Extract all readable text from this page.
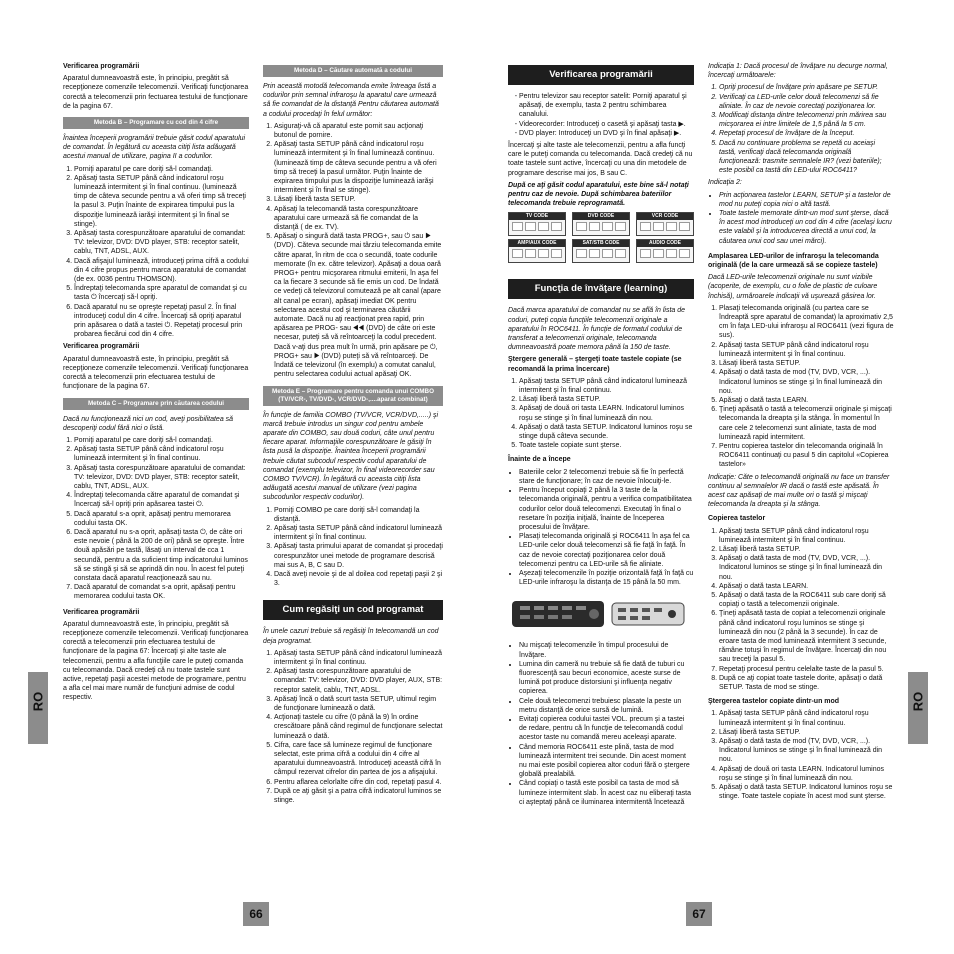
Verificarea programării

Aparatul dumneavoastră este, în principiu, pregătit să recepţioneze comenzile telecomenzii. Verificaţi funcţionarea corectă a telecomenzii prin fectuarea testului de funcţionare de la pagina 67.

Metoda B – Programare cu cod din 4 cifre

Înaintea începerii programării trebuie găsit codul aparatului de comandat. În legătură cu aceasta citiţi lista adăugată acestui manual de utilizare, pagina II a codurilor.

1. Porniţi aparatul pe care doriţi să-l comandaţi.
2. Apăsaţi tasta SETUP până când indicatorul roşu luminează intermitent şi în final continuu. (luminează timp de câteva secunde pentru a vă oferi timp să treceţi la pasul 3. Puţin înainte de expirarea timpului pus la dispoziţie luminează iarăşi intermitent şi în final se stinge).
3. Apăsaţi tasta corespunzătoare aparatului de comandat: TV: televizor, DVD: DVD player, STB: receptor satelit, cablu, TNT, ADSL, AUX.
4. Dacă afişajul luminează, introduceţi prima cifră a codului din 4 cifre propus pentru marca aparatului de comandat (de ex. 0036 pentru THOMSON).
5. Îndreptaţi telecomanda spre aparatul de comandat şi cu tasta ⏻ încercaţi să-l opriţi.
6. Dacă aparatul nu se opreşte repetaţi pasul 2. În final introduceţi codul din 4 cifre. Încercaţi să opriţi aparatul prin apăsarea o dată a tastei ⏻. Repetaţi procesul prin probarea fiecărui cod din 4 cifre.

Verificarea programării

Aparatul dumneavoastră este, în principiu, pregătit să recepţioneze comenzile telecomenzii. Verificaţi funcţionarea corectă a telecomenzii prin efectuarea testului de funcţionare de la pagina 67.

Metoda C – Programare prin căutarea codului

Dacă nu funcţionează nici un cod, aveţi posibilitatea să descoperiţi codul fără nici o listă.

1. Porniţi aparatul pe care doriţi să-l comandaţi.
2. Apăsaţi tasta SETUP până când indicatorul roşu luminează intermitent şi în final continuu.
3. Apăsaţi tasta corespunzătoare aparatului de comandat: TV: televizor, DVD: DVD player, STB: receptor satelit, cablu, TNT, ADSL, AUX.
4. Îndreptaţi telecomanda către aparatul de comandat şi încercaţi să-l opriţi prin apăsarea tastei ⏻.
5. Dacă aparatul s-a oprit, apăsaţi pentru memorarea codului tasta OK.
6. Dacă aparatul nu s-a oprit, apăsaţi tasta ⏻, de câte ori este nevoie ( până la 200 de ori) până se opreşte. Între două apăsări pe tastă, lăsaţi un interval de cca 1 secundă, pentru a da suficient timp indicatorului luminos să se stingă şi să se aprindă din nou. În acest fel puteţi constata dacă aparatul reacţionează sau nu.
7. Dacă aparatul de comandat s-a oprit, apăsaţi pentru memorarea codului tasta OK.

Verificarea programării

Aparatul dumneavoastră este, în principiu, pregătit să recepţioneze comenzile telecomenzii. Verificaţi funcţionarea corectă a telecomenzii prin efectuarea testului de funcţionare de la pagina 67: Încercaţi şi alte taste ale telecomenzii, pentru a afla funcţiile care le puteţi comanda cu telecomanda. Dacă credeţi că nu toate tastele sunt active, repetaţi paşii acestei metode de programare, pentru a afla cel mai mare număr de funcţiuni admise de codul respectiv.

Metoda D – Căutare automată a codului

Prin această motodă telecomanda emite întreaga listă a codurilor prin semnal infraroşu la aparatul care urmează să fie comandat de la distanţă Pentru căutarea automată a codului procedaţi în felul următor:

1. Asiguraţi-vă că aparatul este pornit sau acţionaţi butonul de pornire.
2. Apăsaţi tasta SETUP până când indicatorul roşu luminează intermitent şi în final luminează continuu. (luminează timp de câteva secunde pentru a vă oferi timp să treceţi la pasul următor. Puţin înainte de expirarea timpului pus la dispoziţie luminează iarăşi intermitent şi în final se stinge).
3. Lăsaţi liberă tasta SETUP.
4. Apăsaţi la telecomandă tasta corespunzătoare aparatului care urmează să fie comandat de la distanţă ( de ex. TV).
5. Apăsaţi o singură dată tasta PROG+, sau ⏻ sau ▶ (DVD). Căteva secunde mai târziu telecomanda emite către aparat, în ritm de cca o secundă, toate codurile memorate (în ex. către televizor). Apăsaţi a doua oară PROG+ pentru micşorarea ritmului emiterii, în aşa fel ca la fiecare 3 secunde să fie emis un cod. De îndată ce vedeţi că televizorul comutează pe alt canal (apare alt canal pe ecran), apăsaţi imediat OK pentru selectarea acestui cod şi terminarea căutării automate. Dacă nu aţi reacţionat prea rapid, prin apăsarea pe PROG- sau ◀◀ (DVD) de câte ori este necesar, puteţi să vă reîntoarceţi la codul precedent. Dacă v-aţi dus prea mult în urmă, prin apăsare pe ⏻, PROG+ sau ▶ (DVD) puteţi să vă reîntoarceţi. De îndată ce televizorul (în exemplu) a comutat canalul, pentru selectarea codului actual apăsaţi OK.
Metoda E – Programare pentru comanda unui COMBO (TV/VCR-, TV/DVD-, VCR/DVD-,....aparat combinat)

În funcţie de familia COMBO (TV/VCR, VCR/DVD,.....) şi marcă trebuie introdus un singur cod pentru ambele aparate din COMBO, sau două coduri, câte unul pentru fiecare aparat. Informaţiile corespunzătoare le găsiţi în lista pusă la dispoziţie. Înaintea începerii programării trebuie căutat subcodul respectiv codul aparatului de comandat (exemplu televizor, în final videorecorder sau COMBO TV/VCR). În legătură cu aceasta citiţi lista adăugată acestui manual de utilizare (vezi pagina subcodurilor respectiv codurilor).

1. Porniţi COMBO pe care doriţi să-l comandaţi la distanţă.
2. Apăsaţi tasta SETUP până când indicatorul luminează intermitent şi în final continuu.
3. Apăsaţi tasta primului aparat de comandat şi procedaţi corespunzător unei metode de programare descrisă mai sus A, B, C sau D.
4. Dacă aveţi nevoie şi de al doilea cod repetaţi paşii 2 şi 3.
Cum regăsiţi un cod programat

În unele cazuri trebuie să regăsiţi în telecomandă un cod deja programat.

1. Apăsaţi tasta SETUP până când indicatorul luminează intermitent şi în final continuu.
2. Apăsaţi tasta corespunzătoare aparatului de comandat: TV: televizor, DVD: DVD player, AUX, STB: receptor satelit, cablu, TNT, ADSL.
3. Apăsaţi încă o dată scurt tasta SETUP, ultimul regim de funcţionare luminează o dată.
4. Acţionaţi tastele cu cifre (0 până la 9) în ordine crescătoare până când regimul de funcţionare selectat luminează o dată.
5. Cifra, care face să lumineze regimul de funcţionare selectat, este prima cifră a codului din 4 cifre al aparatului dumneavoastră. Introduceţi această cifră în câmpul rezervat cifrelor din partea de jos a afişajului.
6. Pentru aflarea celorlalte cifre din cod, repetaţi pasul 4.
7. După ce aţi găsit şi a patra cifră indicatorul luminos se stinge.
Verificarea programării
- Pentru televizor sau receptor satelit: Porniţi aparatul şi apăsaţi, de exemplu, tasta 2 pentru schimbarea canalului.
- Videorecorder: Introduceţi o casetă şi apăsaţi tasta ▶.
- DVD player: Introduceţi un DVD şi în final apăsaţi ▶.

Încercaţi şi alte taste ale telecomenzii, pentru a afla funcţi care le puteţi comanda cu telecomanda. Dacă credeţi că nu toate tastele sunt active, încercaţi cu una din metodele de programare descrise mai jos, B sau C.

După ce aţi găsit codul aparatului, este bine să-l notaţi pentru caz de nevoie. După schimbarea bateriilor telecomanda trebuie reprogramată.

TV CODE	DVD CODE	VCR CODE
AMP/AUX CODE	SAT/STB CODE	AUDIO CODE
Funcţia de învăţare (learning)

Dacă marca aparatului de comandat nu se află în lista de coduri, puteţi copia funcţiile telecomenzii originale a aparatului în ROC6411. În funcţie de formatul codului de transferat a telecomenzii originale, telecomanda dumneavoastră poate memora până la 150 de taste.

Ştergere generală – ştergeţi toate tastele copiate (se recomandă la prima încercare)

1. Apăsaţi tasta SETUP până când indicatorul luminează intermitent şi în final continuu.
2. Lăsaţi liberă tasta SETUP.
3. Apăsaţi de două ori tasta LEARN. Indicatorul luminos roşu se stinge şi în final luminează din nou.
4. Apăsaţi o dată tasta SETUP. Indicatorul luminos roşu se stinge după câteva secunde.
5. Toate tastele copiate sunt şterse.

Înainte de a începe

• Bateriile celor 2 telecomenzi trebuie să fie în perfectă stare de funcţionare; în caz de nevoie înlocuiţi-le.
• Pentru început copiaţi 2 până la 3 taste de la telecomanda originală, pentru a verifica compatibilitatea codurilor celor două telecomenzi. Executaţi în final o resetare în poziţia iniţială, înainte de începerea procesului de învăţare.
• Plasaţi telecomanda originală şi ROC6411 în aşa fel ca LED-urile celor două telecomenzi să fie faţă în faţă. În caz de nevoie corectaţi poziţionarea celor două telecomenzi pentru ca LED-urile să fie aliniate.
• Aşezaţi telecomenzile în poziţie orizontală faţă în faţă cu LED-urile infraroşu la distanţa de 15 până la 50 mm.
• Nu mişcaţi telecomenzile în timpul procesului de învăţare.
• Lumina din cameră nu trebuie să fie dată de tuburi cu fluorescenţă sau becuri economice, aceste surse de lumină pot produce distorsiuni şi influenţa negativ copierea.
• Cele două telecomenzi trebuiesc plasate la peste un metru distanţă de orice sursă de lumină.
• Evitaţi copierea codului tastei VOL. precum şi a tastei de redare, pentru că în funcţie de telecomandă codul acestor taste nu comandă mereu aceleaşi aparate.
• Când memoria ROC6411 este plină, tasta de mod luminează intermitent trei secunde. Din acest moment nu mai este posibil copierea altor coduri fără o ştergere globală prealabilă.
• Când copiaţi o tastă este posibil ca tasta de mod să lumineze intermitent slab. În acest caz nu eliberaţi tasta ci aşteptaţi până ce iluminarea intermitentă încetează

Indicaţia 1: Dacă procesul de învăţare nu decurge normal, încercaţi următoarele:

1. Opriţi procesul de învăţare prin apăsare pe SETUP.
2. Verificaţi ca LED-urile celor două telecomenzi să fie aliniate. În caz de nevoie corectaţi poziţionarea lor.
3. Modificaţi distanţa dintre telecomenzi prin mărirea sau micşorarea ei intre limitele de 1,5 până la 5 cm.
4. Repetaţi procesul de învăţare de la început.
5. Dacă nu continuare problema se repetă cu aceiaşi tastă, verificaţi dacă telecomanda originală funcţionează: trasmite semnalele IR? (vezi bateriile); este posibil ca tastă din LED-ului ROC6411?

Indicaţia 2:

• Prin acţionarea tastelor LEARN, SETUP şi a tastelor de mod nu puteţi copia nici o altă tastă.
• Toate tastele memorate dintr-un mod sunt şterse, dacă în acest mod introduceţi un cod din 4 cifre (acelaşi lucru este valabil şi la introducerea directă a unui cod, la căutarea unui cod sau unei mărci).

Amplasarea LED-urilor de infraroşu la telecomanda originală (de la care urmează să se copieze tastele)

Dacă LED-urile telecomenzii originale nu sunt vizibile (acoperite, de exemplu, cu o folie de plastic de culoare închisă), urmăroarele indicaţii vă uşurează găsirea lor.

1. Plasaţi telecomanda originală (cu partea care se îndreaptă spre aparatul de comandat) la aproximativ 2,5 cm în faţa LED-ului infraroşu al ROC6411 (vezi figura de sus).
2. Apăsaţi tasta SETUP până când indicatorul roşu luminează intermitent şi în final continuu.
3. Lăsaţi liberă tasta SETUP.
4. Apăsaţi o dată tasta de mod (TV, DVD, VCR, ...). Indicatorul luminos se stinge şi în final luminează din nou.
5. Apăsaţi o dată tasta LEARN.
6. Ţineţi apăsată o tastă a telecomenzii originale şi mişcaţi telecomanda la dreapta şi la stânga. În momentul în care cele 2 telecomenzi sunt aliniate, tasta de mod luminează rapid intermitent.
7. Pentru copierea tastelor din telecomanda originală în ROC6411 continuaţi cu pasul 5 din capitolul «Copierea tastelor»

Indicaţie: Căte o telecomandă originală nu face un transfer continuu al semnalelor IR dacă o tastă este apăsată. În acest caz apăsaţi de mai multe ori o tastă şi mişcaţi telecomanda la dreapta şi la stânga.

Copierea tastelor

1. Apăsaţi tasta SETUP până când indicatorul roşu luminează intermitent şi în final continuu.
2. Lăsaţi liberă tasta SETUP.
3. Apăsaţi o dată tasta de mod (TV, DVD, VCR, ...). Indicatorul luminos se stinge şi în final luminează din nou.
4. Apăsaţi o dată tasta LEARN.
5. Apăsaţi o dată tasta de la ROC6411 sub care doriţi să copiaţi o tastă a telecomenzii originale.
6. Ţineţi apăsată tasta de copiat a telecomenzii originale până când indicatorul roşu luminos se stinge şi luminează din nou (2 până la 3 secunde). În caz de eroare tasta de mod luminează intermitent 3 secunde, rămâne totuşi în regimul de învăţare. Încercaţi din nou sau treceţi la pasul 5.
7. Repetaţi procesul pentru celelalte taste de la pasul 5.
8. După ce aţi copiat toate tastele dorite, apăsaţi o dată SETUP. Tasta de mod se stinge.

Ştergerea tastelor copiate dintr-un mod

1. Apăsaţi tasta SETUP până când indicatorul roşu luminează intermitent şi în final continuu.
2. Lăsaţi liberă tasta SETUP.
3. Apăsaţi o dată tasta de mod (TV, DVD, VCR, ...). Indicatorul luminos se stinge şi în final luminează din nou.
4. Apăsaţi de două ori tasta LEARN. Indicatorul luminos roşu se stinge şi în final luminează din nou.
5. Apăsaţi o dată tasta SETUP. Indicatorul luminos roşu se stinge. Toate tastele copiate în acest mod sunt şterse.
RO	RO
66	67
